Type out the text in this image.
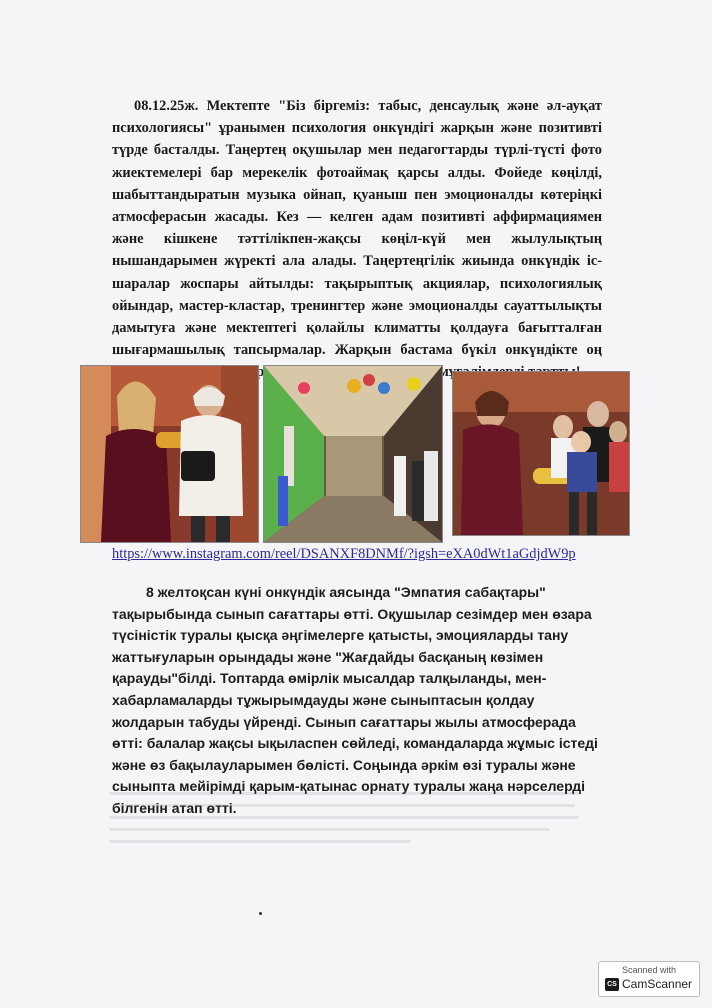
08.12.25ж. Мектепте "Біз біргеміз: табыс, денсаулық және әл-ауқат психологиясы" ұранымен психология онкүндігі жарқын және позитивті түрде басталды. Таңертең оқушылар мен педагогтарды түрлі-түсті фото жиектемелері бар мерекелік фотоаймақ қарсы алды. Фойеде көңілді, шабыттандыратын музыка ойнап, қуаныш пен эмоционалды көтеріңкі атмосферасын жасады. Кез — келген адам позитивті аффирмациямен және кішкене тәттілікпен-жақсы көңіл-күй мен жылулықтың нышандарымен жүректі ала алады. Таңертеңгілік жиында онкүндік іс-шаралар жоспары айтылды: тақырыптық акциялар, психологиялық ойындар, мастер-кластар, тренингтер және эмоционалды сауаттылықты дамытуға және мектептегі қолайлы климатты қолдауға бағытталған шығармашылық тапсырмалар. Жарқын бастама бүкіл онкүндікте оң

https://www.instagram.com/reel/DSANXF8DNMf/?igsh=eXA0dWt1aGdjdW9p

8 желтоқсан күні онкүндік аясында "Эмпатия сабақтары" тақырыбында сынып сағаттары өтті. Оқушылар сезімдер мен өзара түсіністік туралы қысқа әңгімелерге қатысты, эмоцияларды тану жаттығуларын орындады және "Жағдайды басқаның көзімен қарауды"білді. Топтарда өмірлік мысалдар талқыланды, мен-хабарламаларды тұжырымдауды және сыныптасын қолдау жолдарын табуды үйренді. Сынып сағаттары жылы атмосферада өтті: балалар жақсы ықыласпен сөйледі, командаларда жұмыс істеді және өз бақылауларымен бөлісті. Соңында әркім өзі туралы және сыныпта мейірімді қарым-қатынас орнату туралы жаңа нәрселерді білгенін атап өтті.

Scanned with
CS CamScanner
